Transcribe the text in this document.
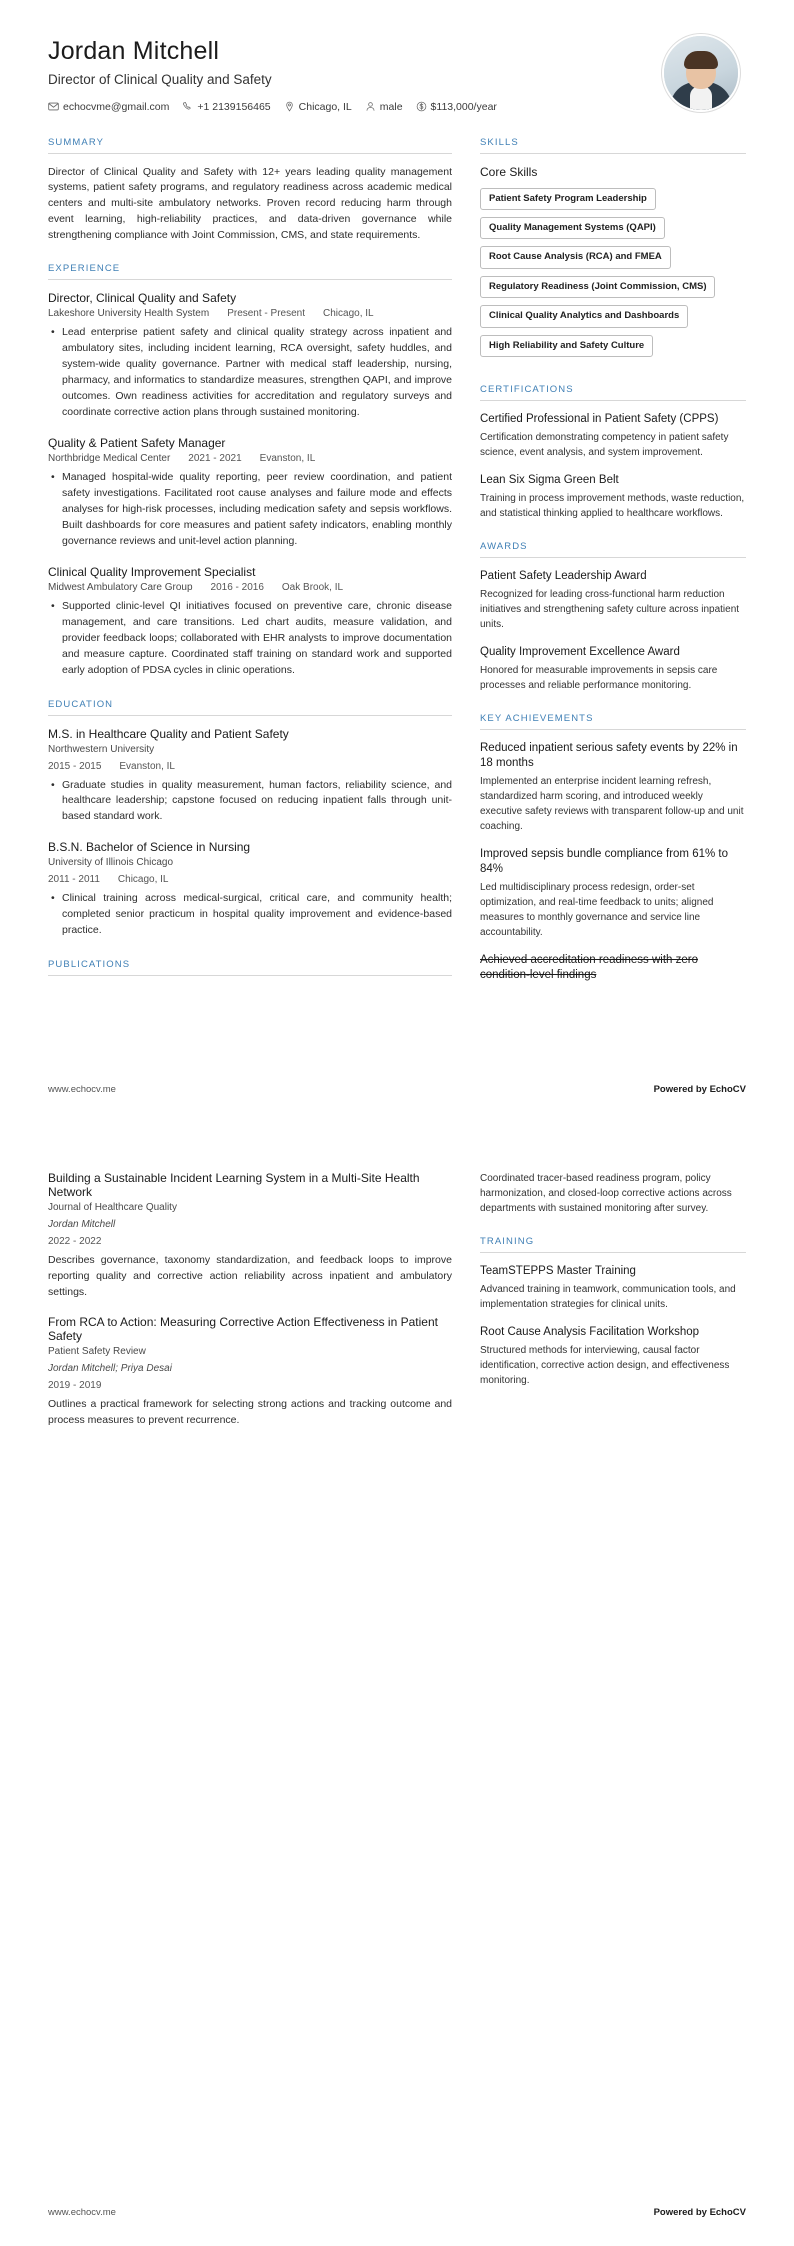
Jordan Mitchell
Director of Clinical Quality and Safety
echocvme@gmail.com	+1 2139156465	Chicago, IL	male	$113,000/year
SUMMARY

Director of Clinical Quality and Safety with 12+ years leading quality management systems, patient safety programs, and regulatory readiness across academic medical centers and multi-site ambulatory networks. Proven record reducing harm through event learning, high-reliability practices, and data-driven governance while strengthening compliance with Joint Commission, CMS, and state requirements.

EXPERIENCE
Director, Clinical Quality and Safety
Lakeshore University Health System Present - Present Chicago, IL
• Lead enterprise patient safety and clinical quality strategy across inpatient and ambulatory sites, including incident learning, RCA oversight, safety huddles, and system-wide quality governance. Partner with medical staff leadership, nursing, pharmacy, and informatics to standardize measures, strengthen QAPI, and improve outcomes. Own readiness activities for accreditation and regulatory surveys and coordinate corrective action plans through sustained monitoring.
Quality & Patient Safety Manager
Northbridge Medical Center 2021 - 2021 Evanston, IL
• Managed hospital-wide quality reporting, peer review coordination, and patient safety investigations. Facilitated root cause analyses and failure mode and effects analyses for high-risk processes, including medication safety and sepsis workflows. Built dashboards for core measures and patient safety indicators, enabling monthly governance reviews and unit-level action planning.
Clinical Quality Improvement Specialist
Midwest Ambulatory Care Group 2016 - 2016 Oak Brook, IL
• Supported clinic-level QI initiatives focused on preventive care, chronic disease management, and care transitions. Led chart audits, measure validation, and provider feedback loops; collaborated with EHR analysts to improve documentation and measure capture. Coordinated staff training on standard work and supported early adoption of PDSA cycles in clinic operations.
EDUCATION
M.S. in Healthcare Quality and Patient Safety
Northwestern University
2015 - 2015 Evanston, IL
• Graduate studies in quality measurement, human factors, reliability science, and healthcare leadership; capstone focused on reducing inpatient falls through unit-based standard work.
B.S.N. Bachelor of Science in Nursing
University of Illinois Chicago
2011 - 2011 Chicago, IL
• Clinical training across medical-surgical, critical care, and community health; completed senior practicum in hospital quality improvement and evidence-based practice.
PUBLICATIONS
SKILLS
Core Skills
Patient Safety Program Leadership Quality Management Systems (QAPI) Root Cause Analysis (RCA) and FMEA Regulatory Readiness (Joint Commission, CMS) Clinical Quality Analytics and Dashboards High Reliability and Safety Culture
CERTIFICATIONS
Certified Professional in Patient Safety (CPPS)

Certification demonstrating competency in patient safety science, event analysis, and system improvement.

Lean Six Sigma Green Belt

Training in process improvement methods, waste reduction, and statistical thinking applied to healthcare workflows.

AWARDS
Patient Safety Leadership Award

Recognized for leading cross-functional harm reduction initiatives and strengthening safety culture across inpatient units.

Quality Improvement Excellence Award

Honored for measurable improvements in sepsis care processes and reliable performance monitoring.

KEY ACHIEVEMENTS
Reduced inpatient serious safety events by 22% in 18 months

Implemented an enterprise incident learning refresh, standardized harm scoring, and introduced weekly executive safety reviews with transparent follow-up and unit coaching.

Improved sepsis bundle compliance from 61% to 84%

Led multidisciplinary process redesign, order-set optimization, and real-time feedback to units; aligned measures to monthly governance and service line accountability.

Achieved accreditation readiness with zero condition-level findings
www.echocv.me	Powered by EchoCV
Building a Sustainable Incident Learning System in a Multi-Site Health Network
Journal of Healthcare Quality
Jordan Mitchell
2022 - 2022

Describes governance, taxonomy standardization, and feedback loops to improve reporting quality and corrective action reliability across inpatient and ambulatory settings.

From RCA to Action: Measuring Corrective Action Effectiveness in Patient Safety
Patient Safety Review
Jordan Mitchell; Priya Desai
2019 - 2019

Outlines a practical framework for selecting strong actions and tracking outcome and process measures to prevent recurrence.

Coordinated tracer-based readiness program, policy harmonization, and closed-loop corrective actions across departments with sustained monitoring after survey.

TRAINING
TeamSTEPPS Master Training

Advanced training in teamwork, communication tools, and implementation strategies for clinical units.

Root Cause Analysis Facilitation Workshop

Structured methods for interviewing, causal factor identification, corrective action design, and effectiveness monitoring.

www.echocv.me	Powered by EchoCV
